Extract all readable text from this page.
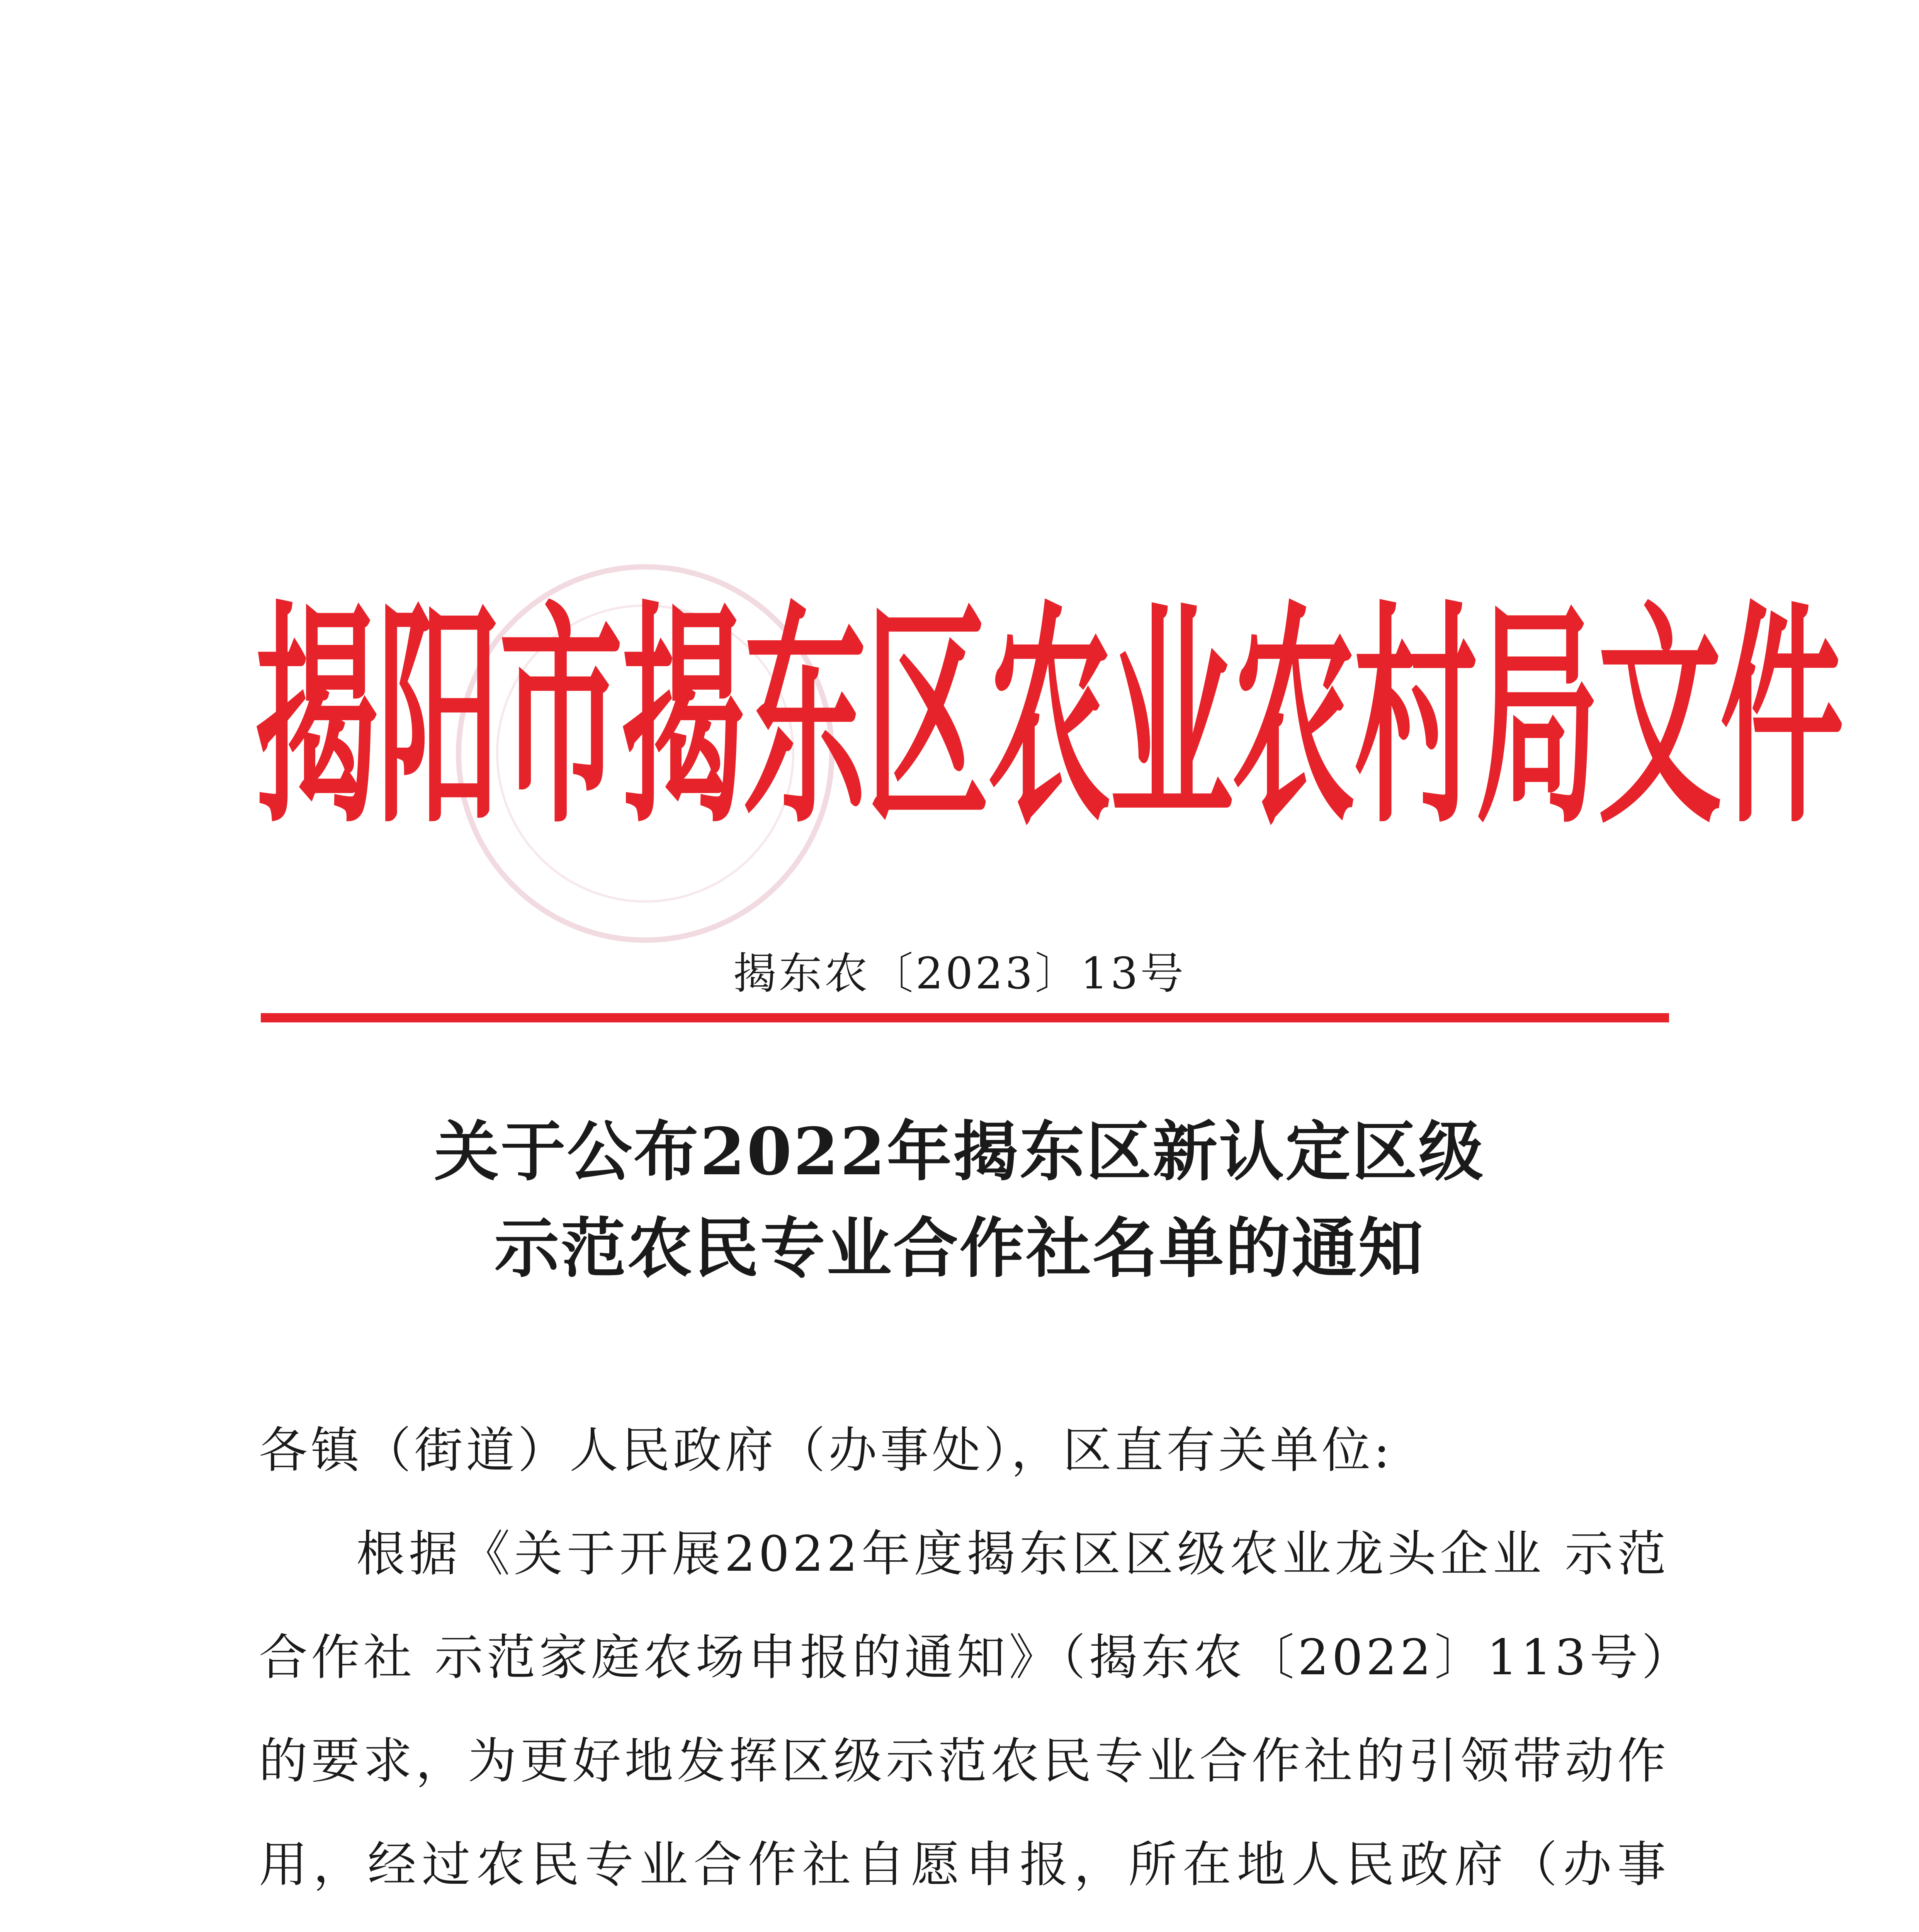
揭阳市揭东区农业农村局文件
揭东农〔2023〕13号
关于公布2022年揭东区新认定区级
示范农民专业合作社名单的通知
各镇（街道）人民政府（办事处），区直有关单位:
根据《关于开展2022年度揭东区区级农业龙头企业 示范合作社 示范家庭农场申报的通知》（揭东农〔2022〕113号）的要求，为更好地发挥区级示范农民专业合作社的引领带动作用，经过农民专业合作社自愿申报，所在地人民政府（办事
